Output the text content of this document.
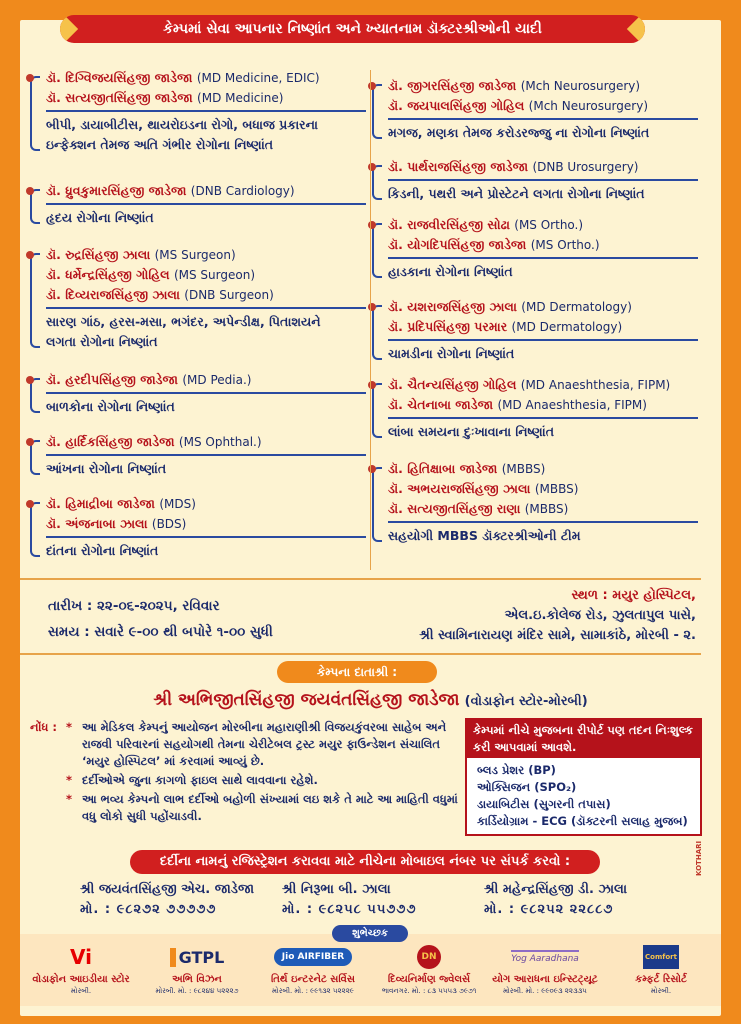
કેમ્પમાં સેવા આપનાર નિષ્ણાંત અને ખ્યાતનામ ડૉક્ટરશ્રીઓની યાદી
ડૉ. દિગ્વિજયસિંહજી જાડેજા (MD Medicine, EDIC)
ડૉ. સત્યજીતસિંહજી જાડેજા (MD Medicine)
બીપી, ડાયાબીટીસ, થાયરોઇડના રોગો, બધાજ પ્રકારના
ઇન્ફેક્શન તેમજ અતિ ગંભીર રોગોના નિષ્ણાંત
ડૉ. ધ્રુવકુમારસિંહજી જાડેજા (DNB Cardiology)
હૃદય રોગોના નિષ્ણાંત
ડૉ. રુદ્રસિંહજી ઝાલા (MS Surgeon)
ડૉ. ધર્મેન્દ્રસિંહજી ગોહિલ (MS Surgeon)
ડૉ. દિવ્યરાજસિંહજી ઝાલા (DNB Surgeon)
સારણ ગાંઠ, હરસ-મસા, ભગંદર, અપેન્ડીક્ષ, પિતાશયને
લગતા રોગોના નિષ્ણાંત
ડૉ. હરદીપસિંહજી જાડેજા (MD Pedia.)
બાળકોના રોગોના નિષ્ણાંત
ડૉ. હાર્દિકસિંહજી જાડેજા (MS Ophthal.)
આંખના રોગોના નિષ્ણાંત
ડૉ. હિમાદ્રીબા જાડેજા (MDS)
ડૉ. અંજનાબા ઝાલા (BDS)
દાંતના રોગોના નિષ્ણાંત
ડૉ. જીગરસિંહજી જાડેજા (Mch Neurosurgery)
ડૉ. જયપાલસિંહજી ગોહિલ (Mch Neurosurgery)
મગજ, મણકા તેમજ કરોડરજ્જુ ના રોગોના નિષ્ણાંત
ડૉ. પાર્થરાજસિંહજી જાડેજા (DNB Urosurgery)
કિડની, પથરી અને પ્રોસ્ટેટને લગતા રોગોના નિષ્ણાંત
ડૉ. રાજવીરસિંહજી સોઢા (MS Ortho.)
ડૉ. યોગદિપસિંહજી જાડેજા (MS Ortho.)
હાડકાના રોગોના નિષ્ણાંત
ડૉ. યશરાજસિંહજી ઝાલા (MD Dermatology)
ડૉ. પ્રદિપસિંહજી પરમાર (MD Dermatology)
ચામડીના રોગોના નિષ્ણાંત
ડૉ. ચૈતન્યસિંહજી ગોહિલ (MD Anaeshthesia, FIPM)
ડૉ. ચેતનાબા જાડેજા (MD Anaeshthesia, FIPM)
લાંબા સમયના દુઃખાવાના નિષ્ણાંત
ડૉ. હિતિક્ષાબા જાડેજા (MBBS)
ડૉ. અભયરાજસિંહજી ઝાલા (MBBS)
ડૉ. સત્યજીતસિંહજી રાણા (MBBS)
સહયોગી MBBS ડૉક્ટરશ્રીઓની ટીમ
તારીખ : ૨૨-૦૬-૨૦૨૫, રવિવાર
સમય : સવારે ૯-૦૦ થી બપોરે ૧-૦૦ સુધી
સ્થળ : મયુર હોસ્પિટલ,
એલ.ઇ.કોલેજ રોડ, ઝુલતાપુલ પાસે,
શ્રી સ્વામિનારાયણ મંદિર સામે, સામાકાંઠે, મોરબી - ૨.
કેમ્પના દાતાશ્રી :
શ્રી અભિજીતસિંહજી જયવંતસિંહજી જાડેજા (વોડાફોન સ્ટોર-મોરબી)
નોંધ : * આ મેડિકલ કેમ્પનું આયોજન મોરબીના મહારાણીશ્રી વિજયકુંવરબા સાહેબ અને રાજવી પરિવારનાં સહયોગથી તેમના ચેરીટેબલ ટ્રસ્ટ મયુર ફાઉન્ડેશન સંચાલિત ‘મયુર હોસ્પિટલ’ માં કરવામાં આવ્યું છે.
* દર્દીઓએ જુના કાગળો ફાઇલ સાથે લાવવાના રહેશે.
* આ ભવ્ય કેમ્પનો લાભ દર્દીઓ બહોળી સંખ્યામાં લઇ શકે તે માટે આ માહિતી વધુમાં વધુ લોકો સુધી પહોંચાડવી.
કેમ્પમાં નીચે મુજબના રીપોર્ટ પણ તદન નિઃશુલ્ક કરી આપવામાં આવશે.
બ્લડ પ્રેશર (BP)
ઓક્સિજન (SPO₂)
ડાયાબિટીસ (સુગરની તપાસ)
કાર્ડિયોગ્રામ - ECG (ડૉક્ટરની સલાહ મુજબ)
દર્દીના નામનું રજિસ્ટ્રેશન કરાવવા માટે નીચેના મોબાઇલ નંબર પર સંપર્ક કરવો :	KOTHARI
શ્રી જયવંતસિંહજી એચ. જાડેજા
મો. : ૯૮૨૭૨ ૭૭૭૭૭
શ્રી નિરૂભા બી. ઝાલા
મો. : ૯૮૨૫૮ ૫૫૭૭૭
શ્રી મહેન્દ્રસિંહજી ડી. ઝાલા
મો. : ૯૮૨૫૨ ૨૨૮૮૭
શુભેચ્છક
Vi
વોડાફોન આઇડીયા સ્ટોર
મોરબી.
GTPL
અભિ વિઝન
મોરબી. મો. : ૯૮૨૪૪ ૫૨૨૨૭
Jio AIRFIBER
તિર્થ ઇન્ટરનેટ સર્વિસ
મોરબી. મો. : ૯૯૧૩૨ ૫૨૨૨૯
DN
દિવ્યનિર્માણ જ્વેલર્સ
ભાવનગર. મો. : ૮૩ ૫૫૫૩ ૭૯૭૧
Yog Aaradhana
યોગ આરાધના ઇન્સ્ટિટ્યૂટ
મોરબી. મો. : ૯૯૦૯૩ ૨૨૩૩૫
Comfort
કમ્ફર્ટ રિસોર્ટ
મોરબી.
